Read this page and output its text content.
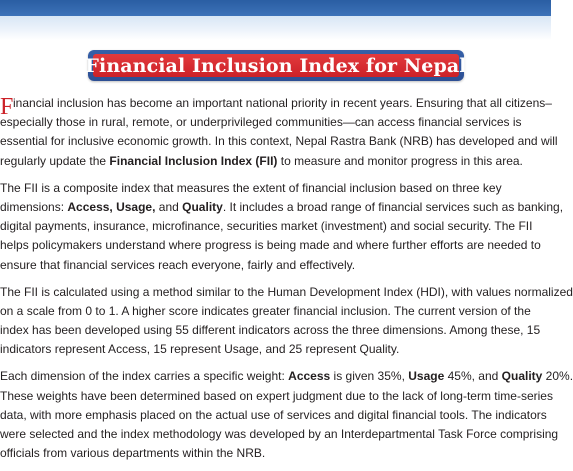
Financial Inclusion Index for Nepal
F inancial inclusion has become an important national priority in recent years. Ensuring that all citizens–
especially those in rural, remote, or underprivileged communities—can access financial services is
essential for inclusive economic growth. In this context, Nepal Rastra Bank (NRB) has developed and will
regularly update the Financial Inclusion Index (FII) to measure and monitor progress in this area.
The FII is a composite index that measures the extent of financial inclusion based on three key
dimensions: Access, Usage, and Quality. It includes a broad range of financial services such as banking,
digital payments, insurance, microfinance, securities market (investment) and social security. The FII
helps policymakers understand where progress is being made and where further efforts are needed to
ensure that financial services reach everyone, fairly and effectively.
The FII is calculated using a method similar to the Human Development Index (HDI), with values normalized
on a scale from 0 to 1. A higher score indicates greater financial inclusion. The current version of the
index has been developed using 55 different indicators across the three dimensions. Among these, 15
indicators represent Access, 15 represent Usage, and 25 represent Quality.
Each dimension of the index carries a specific weight: Access is given 35%, Usage 45%, and Quality 20%.
These weights have been determined based on expert judgment due to the lack of long-term time-series
data, with more emphasis placed on the actual use of services and digital financial tools. The indicators
were selected and the index methodology was developed by an Interdepartmental Task Force comprising
officials from various departments within the NRB.
